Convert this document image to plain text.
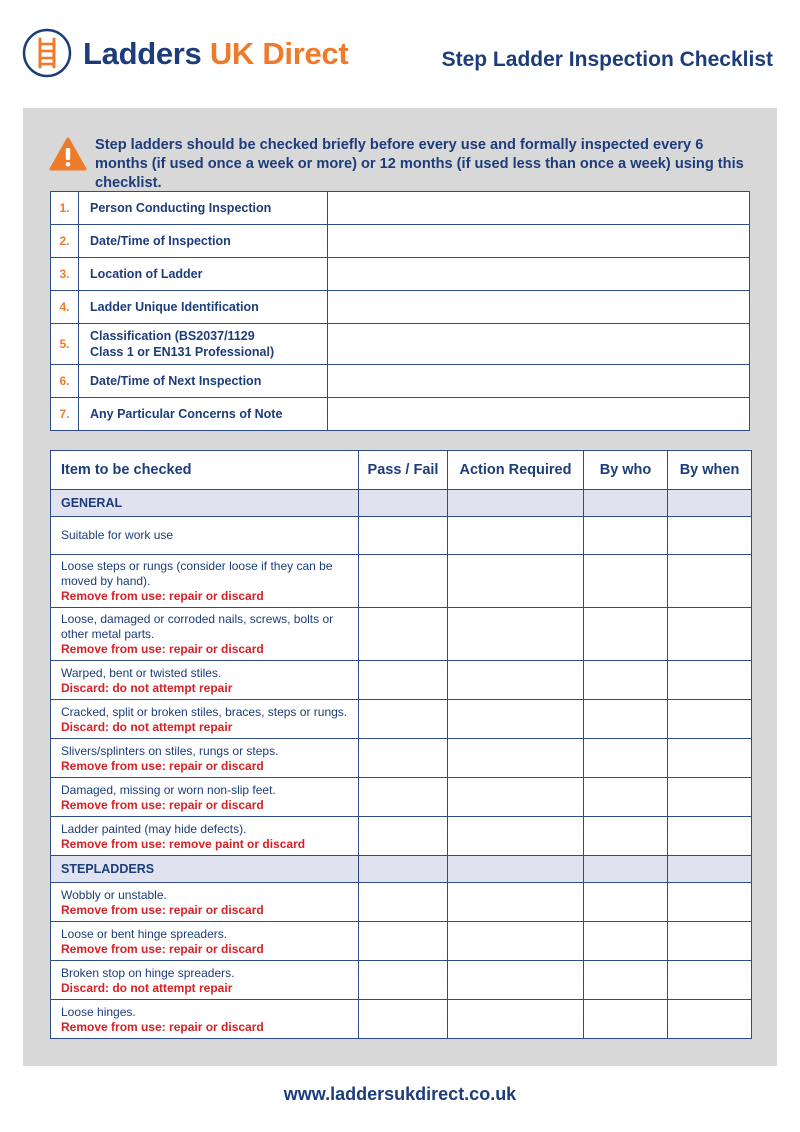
Ladders UK Direct	Step Ladder Inspection Checklist
Step ladders should be checked briefly before every use and formally inspected every 6 months (if used once a week or more) or 12 months (if used less than once a week) using this checklist.
1.	Person Conducting Inspection	
2.	Date/Time of Inspection	
3.	Location of Ladder	
4.	Ladder Unique Identification	
5.	Classification (BS2037/1129
Class 1 or EN131 Professional)	

6.	Date/Time of Next Inspection	
7.	Any Particular Concerns of Note	
Item to be checked	Pass / Fail	Action Required	By who	By when
GENERAL				
Suitable for work use				
Loose steps or rungs (consider loose if they can be moved by hand).
Remove from use: repair or discard				

Loose, damaged or corroded nails, screws, bolts or other metal parts.
Remove from use: repair or discard				

Warped, bent or twisted stiles.
Discard: do not attempt repair				

Cracked, split or broken stiles, braces, steps or rungs.
Discard: do not attempt repair				

Slivers/splinters on stiles, rungs or steps.
Remove from use: repair or discard				

Damaged, missing or worn non-slip feet.
Remove from use: repair or discard				

Ladder painted (may hide defects).
Remove from use: remove paint or discard				

STEPLADDERS				
Wobbly or unstable.
Remove from use: repair or discard				

Loose or bent hinge spreaders.
Remove from use: repair or discard				

Broken stop on hinge spreaders.
Discard: do not attempt repair				

Loose hinges.
Remove from use: repair or discard				

www.laddersukdirect.co.uk
